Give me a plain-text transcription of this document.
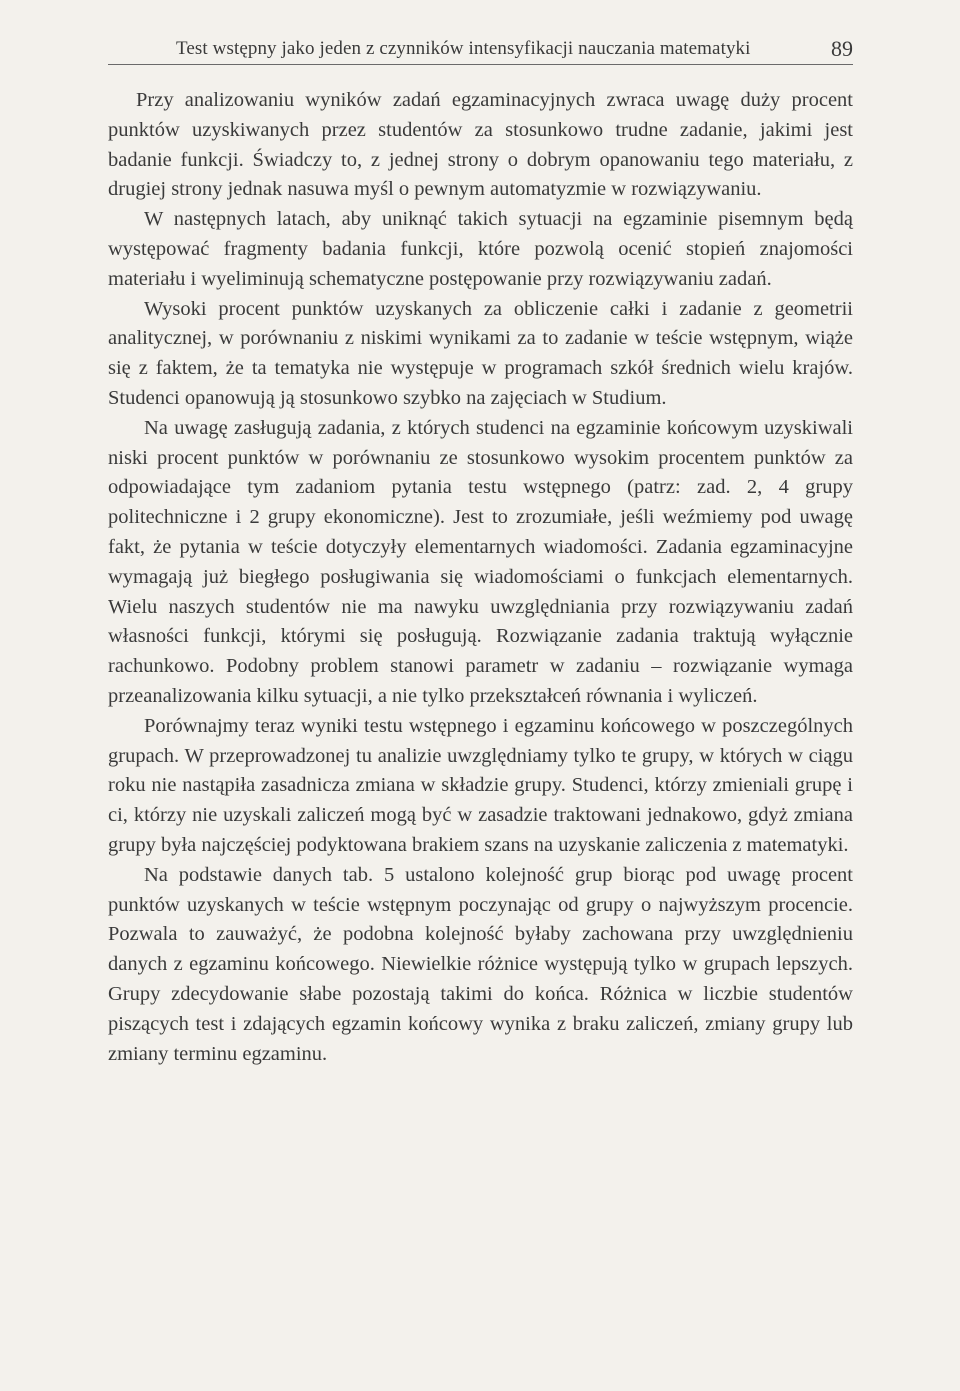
Test wstępny jako jeden z czynników intensyfikacji nauczania matematyki	89

Przy analizowaniu wyników zadań egzaminacyjnych zwraca uwagę duży procent punktów uzyskiwanych przez studentów za stosunkowo trudne zadanie, jakimi jest badanie funkcji. Świadczy to, z jednej strony o dobrym opanowaniu tego materiału, z drugiej strony jednak nasuwa myśl o pewnym automatyzmie w rozwiązywaniu.

W następnych latach, aby uniknąć takich sytuacji na egzaminie pisemnym będą występować fragmenty badania funkcji, które pozwolą ocenić stopień znajomości materiału i wyeliminują schematyczne postępowanie przy rozwiązywaniu zadań.

Wysoki procent punktów uzyskanych za obliczenie całki i zadanie z geometrii analitycznej, w porównaniu z niskimi wynikami za to zadanie w teście wstępnym, wiąże się z faktem, że ta tematyka nie występuje w programach szkół średnich wielu krajów. Studenci opanowują ją stosunkowo szybko na zajęciach w Studium.

Na uwagę zasługują zadania, z których studenci na egzaminie końcowym uzyskiwali niski procent punktów w porównaniu ze stosunkowo wysokim procentem punktów za odpowiadające tym zadaniom pytania testu wstępnego (patrz: zad. 2, 4 grupy politechniczne i 2 grupy ekonomiczne). Jest to zrozumiałe, jeśli weźmiemy pod uwagę fakt, że pytania w teście dotyczyły elementarnych wiadomości. Zadania egzaminacyjne wymagają już biegłego posługiwania się wiadomościami o funkcjach elementarnych. Wielu naszych studentów nie ma nawyku uwzględniania przy rozwiązywaniu zadań własności funkcji, którymi się posługują. Rozwiązanie zadania traktują wyłącznie rachunkowo. Podobny problem stanowi parametr w zadaniu – rozwiązanie wymaga przeanalizowania kilku sytuacji, a nie tylko przekształceń równania i wyliczeń.

Porównajmy teraz wyniki testu wstępnego i egzaminu końcowego w poszczególnych grupach. W przeprowadzonej tu analizie uwzględniamy tylko te grupy, w których w ciągu roku nie nastąpiła zasadnicza zmiana w składzie grupy. Studenci, którzy zmieniali grupę i ci, którzy nie uzyskali zaliczeń mogą być w zasadzie traktowani jednakowo, gdyż zmiana grupy była najczęściej podyktowana brakiem szans na uzyskanie zaliczenia z matematyki.

Na podstawie danych tab. 5 ustalono kolejność grup biorąc pod uwagę procent punktów uzyskanych w teście wstępnym poczynając od grupy o najwyższym procencie. Pozwala to zauważyć, że podobna kolejność byłaby zachowana przy uwzględnieniu danych z egzaminu końcowego. Niewielkie różnice występują tylko w grupach lepszych. Grupy zdecydowanie słabe pozostają takimi do końca. Różnica w liczbie studentów piszących test i zdających egzamin końcowy wynika z braku zaliczeń, zmiany grupy lub zmiany terminu egzaminu.
